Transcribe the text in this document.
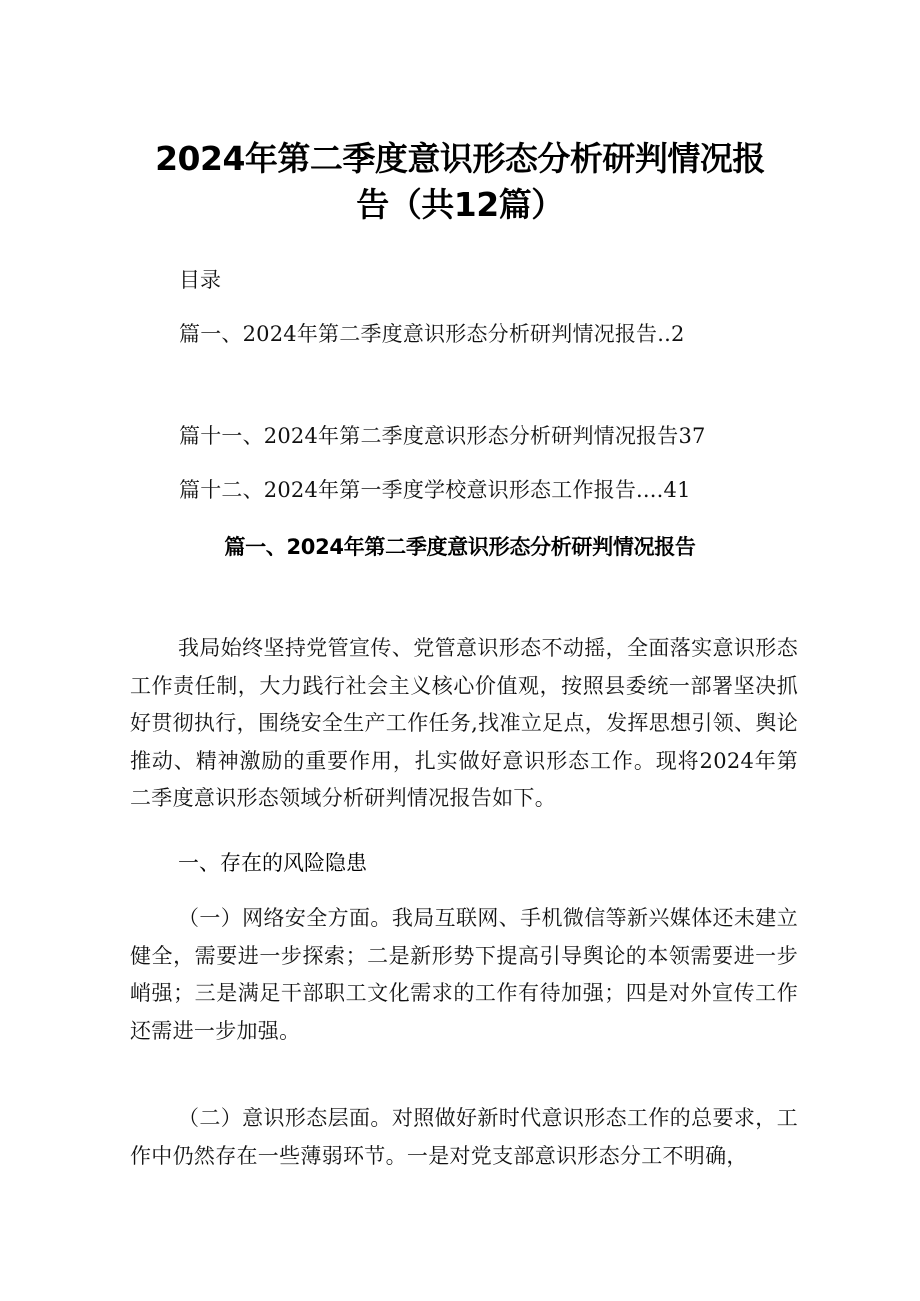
2024年第二季度意识形态分析研判情况报
告（共12篇）
目录
篇一、2024年第二季度意识形态分析研判情况报告..2
篇十一、2024年第二季度意识形态分析研判情况报告37
篇十二、2024年第一季度学校意识形态工作报告....41
篇一、2024年第二季度意识形态分析研判情况报告
我局始终坚持党管宣传、党管意识形态不动摇，全面落实意识形态工作责任制，大力践行社会主义核心价值观，按照县委统一部署坚决抓好贯彻执行，围绕安全生产工作任务,找准立足点，发挥思想引领、舆论推动、精神激励的重要作用，扎实做好意识形态工作。现将2024年第二季度意识形态领域分析研判情况报告如下。
一、存在的风险隐患
（一）网络安全方面。我局互联网、手机微信等新兴媒体还未建立健全，需要进一步探索；二是新形势下提高引导舆论的本领需要进一步峭强；三是满足干部职工文化需求的工作有待加强；四是对外宣传工作还需进一步加强。
（二）意识形态层面。对照做好新时代意识形态工作的总要求，工作中仍然存在一些薄弱环节。一是对党支部意识形态分工不明确，
